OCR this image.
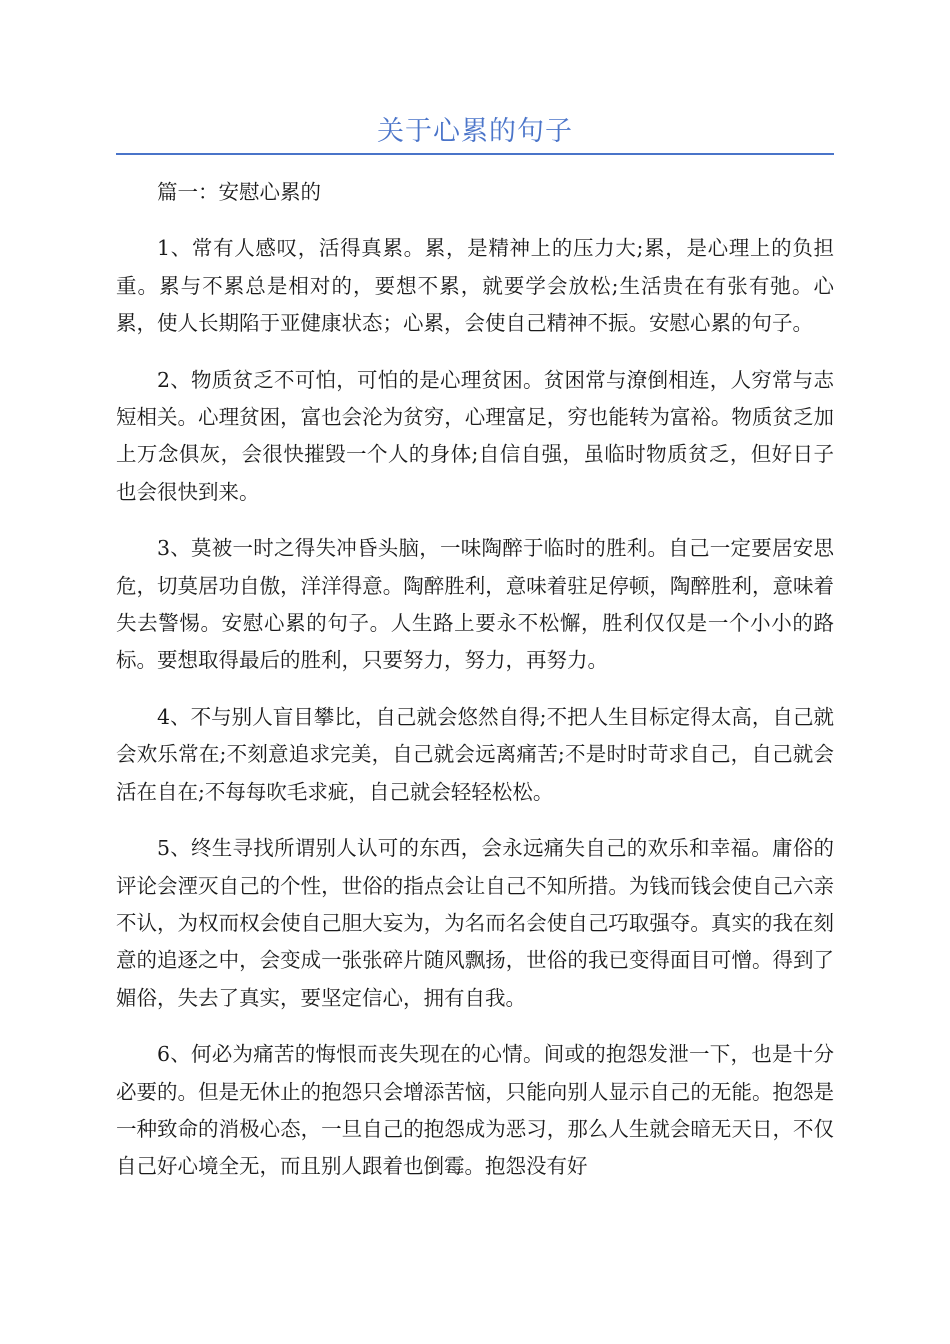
关于心累的句子

篇一：安慰心累的

1、常有人感叹，活得真累。累，是精神上的压力大;累，是心理上的负担重。累与不累总是相对的，要想不累，就要学会放松;生活贵在有张有弛。心累，使人长期陷于亚健康状态；心累，会使自己精神不振。安慰心累的句子。

2、物质贫乏不可怕，可怕的是心理贫困。贫困常与潦倒相连，人穷常与志短相关。心理贫困，富也会沦为贫穷，心理富足，穷也能转为富裕。物质贫乏加上万念俱灰，会很快摧毁一个人的身体;自信自强，虽临时物质贫乏，但好日子也会很快到来。

3、莫被一时之得失冲昏头脑，一味陶醉于临时的胜利。自己一定要居安思危，切莫居功自傲，洋洋得意。陶醉胜利，意味着驻足停顿，陶醉胜利，意味着失去警惕。安慰心累的句子。人生路上要永不松懈，胜利仅仅是一个小小的路标。要想取得最后的胜利，只要努力，努力，再努力。

4、不与别人盲目攀比，自己就会悠然自得;不把人生目标定得太高，自己就会欢乐常在;不刻意追求完美，自己就会远离痛苦;不是时时苛求自己，自己就会活在自在;不每每吹毛求疵，自己就会轻轻松松。

5、终生寻找所谓别人认可的东西，会永远痛失自己的欢乐和幸福。庸俗的评论会湮灭自己的个性，世俗的指点会让自己不知所措。为钱而钱会使自己六亲不认，为权而权会使自己胆大妄为，为名而名会使自己巧取强夺。真实的我在刻意的追逐之中，会变成一张张碎片随风飘扬，世俗的我已变得面目可憎。得到了媚俗，失去了真实，要坚定信心，拥有自我。

6、何必为痛苦的悔恨而丧失现在的心情。间或的抱怨发泄一下，也是十分必要的。但是无休止的抱怨只会增添苦恼，只能向别人显示自己的无能。抱怨是一种致命的消极心态，一旦自己的抱怨成为恶习，那么人生就会暗无天日，不仅自己好心境全无，而且别人跟着也倒霉。抱怨没有好
